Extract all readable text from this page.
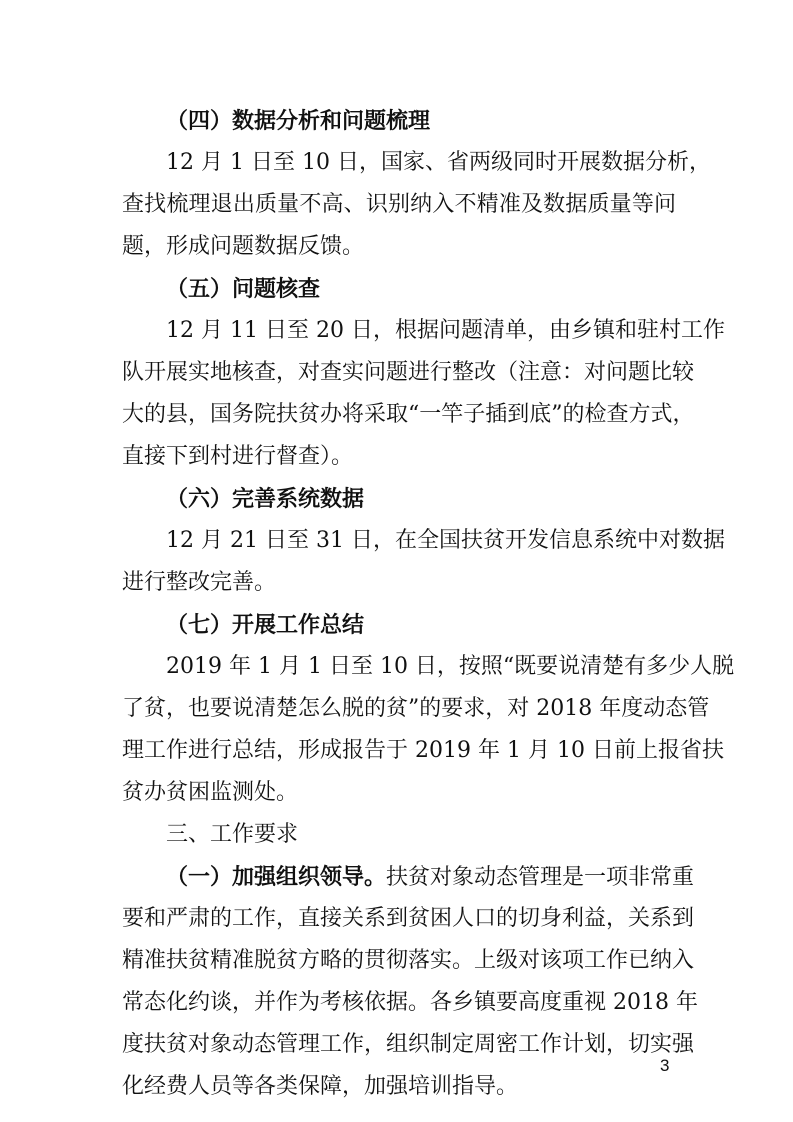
（四）数据分析和问题梳理
12 月 1 日至 10 日，国家、省两级同时开展数据分析，
查找梳理退出质量不高、识别纳入不精准及数据质量等问
题，形成问题数据反馈。
（五）问题核查
12 月 11 日至 20 日，根据问题清单，由乡镇和驻村工作
队开展实地核查，对查实问题进行整改（注意：对问题比较
大的县，国务院扶贫办将采取“一竿子插到底”的检查方式，
直接下到村进行督查）。
（六）完善系统数据
12 月 21 日至 31 日，在全国扶贫开发信息系统中对数据
进行整改完善。
（七）开展工作总结
2019 年 1 月 1 日至 10 日，按照“既要说清楚有多少人脱
了贫，也要说清楚怎么脱的贫”的要求，对 2018 年度动态管
理工作进行总结，形成报告于 2019 年 1 月 10 日前上报省扶
贫办贫困监测处。
三、工作要求
（一）加强组织领导。扶贫对象动态管理是一项非常重
要和严肃的工作，直接关系到贫困人口的切身利益，关系到
精准扶贫精准脱贫方略的贯彻落实。上级对该项工作已纳入
常态化约谈，并作为考核依据。各乡镇要高度重视 2018 年
度扶贫对象动态管理工作，组织制定周密工作计划，切实强
化经费人员等各类保障，加强培训指导。
3
